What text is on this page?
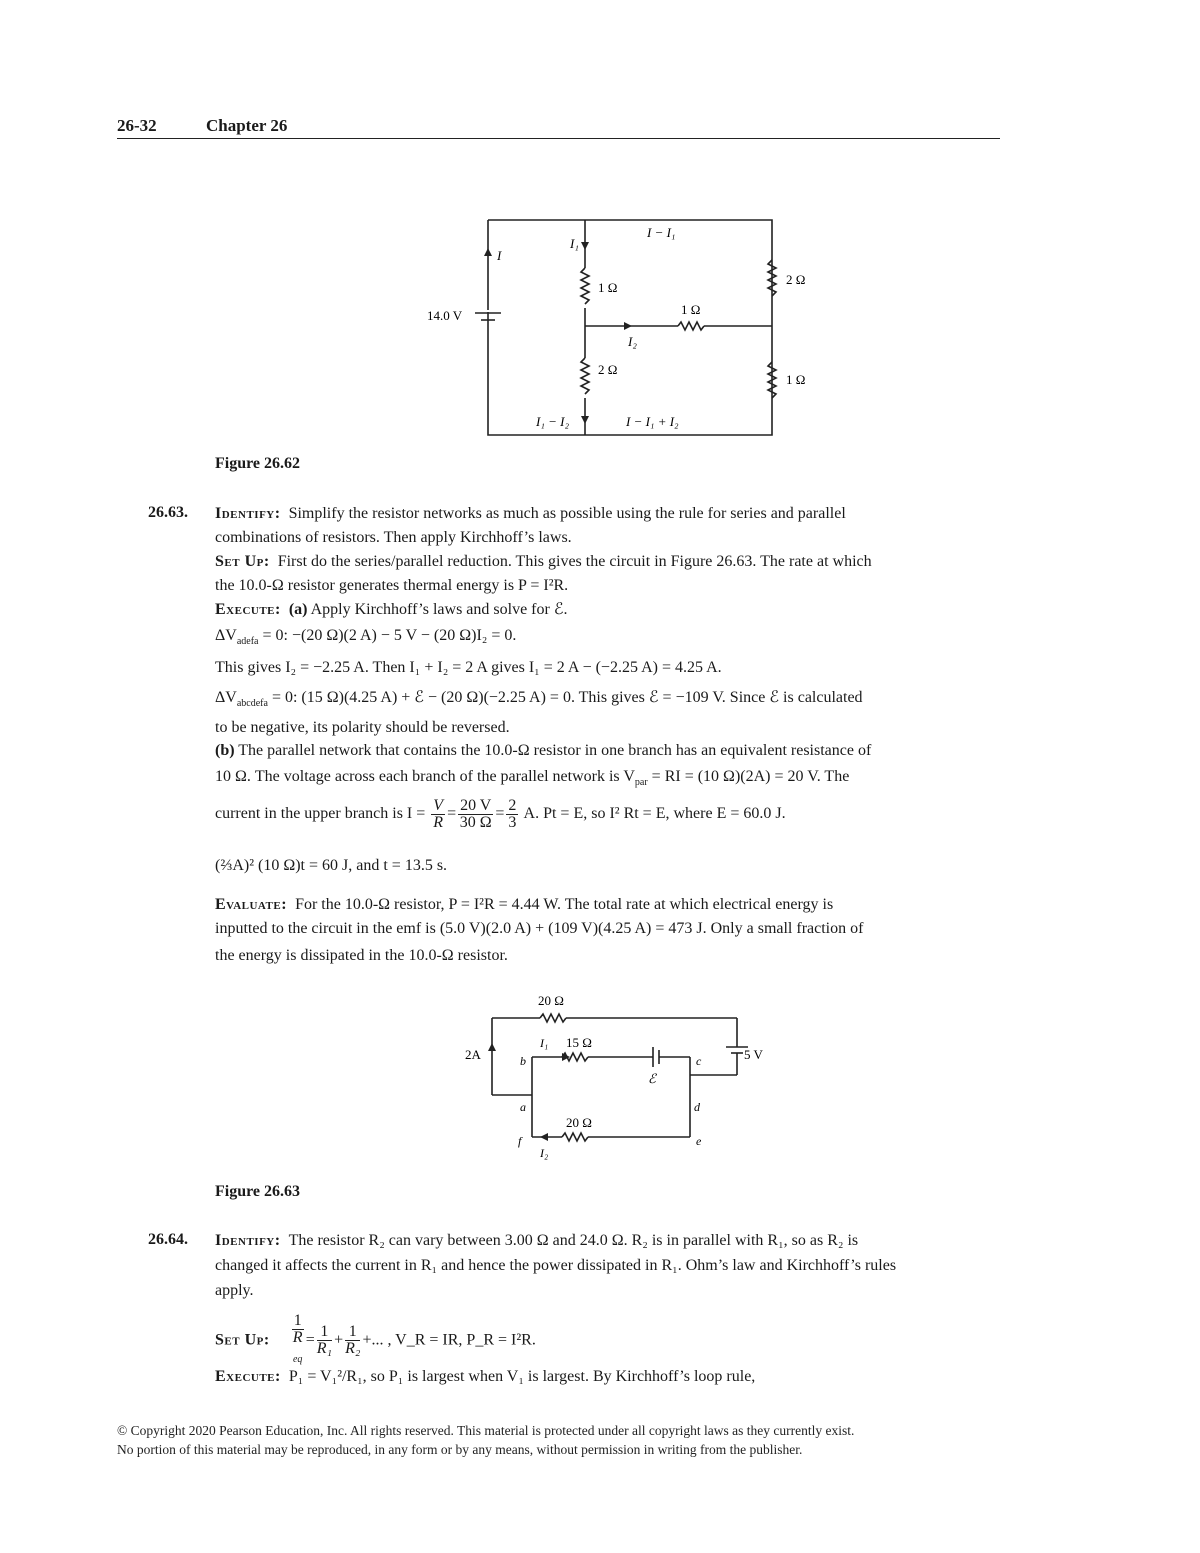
26-32	Chapter 26
14.0 V
I
I₁
I − I₁
1 Ω
1 Ω
2 Ω
I₂
2 Ω
1 Ω
I₁ − I₂	I − I₁ + I₂
Figure 26.62
26.63. Identify: Simplify the resistor networks as much as possible using the rule for series and parallel
combinations of resistors. Then apply Kirchhoff’s laws.
Set Up: First do the series/parallel reduction. This gives the circuit in Figure 26.63. The rate at which
the 10.0-Ω resistor generates thermal energy is P = I²R.
Execute: (a) Apply Kirchhoff’s laws and solve for ℰ.
$\Delta V_{adefa} = 0$: −(20 Ω)(2 A) − 5 V − (20 Ω)I₂ = 0.
This gives I₂ = −2.25 A. Then I₁ + I₂ = 2 A gives I₁ = 2 A − (−2.25 A) = 4.25 A.
$\Delta V_{abcdefa} = 0$: (15 Ω)(4.25 A) + ℰ − (20 Ω)(−2.25 A) = 0. This gives ℰ = −109 V. Since ℰ is calculated
to be negative, its polarity should be reversed.
(b) The parallel network that contains the 10.0-Ω resistor in one branch has an equivalent resistance of
10 Ω. The voltage across each branch of the parallel network is $V_{par}$ = RI = (10 Ω)(2A) = 20 V. The
current in the upper branch is $I = \frac{V}{R} = \frac{20 V}{30 \Omega} = \frac{2}{3} A$. Pt = E, so I² Rt = E, where E = 60.0 J.
(⅔A)² (10 Ω)t = 60 J, and t = 13.5 s.
Evaluate: For the 10.0-Ω resistor, P = I²R = 4.44 W. The total rate at which electrical energy is
inputted to the circuit in the emf is (5.0 V)(2.0 A) + (109 V)(4.25 A) = 473 J. Only a small fraction of
the energy is dissipated in the 10.0-Ω resistor.
20 Ω
I₁ 15 Ω
2A	b
ℰ
c	5 V
a	d
20 Ω
f	e
I₂
Figure 26.63
26.64. Identify: The resistor R₂ can vary between 3.00 Ω and 24.0 Ω. R₂ is in parallel with R₁, so as R₂ is
changed it affects the current in R₁ and hence the power dissipated in R₁. Ohm’s law and Kirchhoff’s rules
apply.
Set Up: 1
R
$_{eq} = \frac{1}{\text{R₁}} + \frac{1}{\text{R₂}}$ +... , V_R = IR, P_R = I²R.
Execute: P₁ = V₁²/R₁, so P₁ is largest when V₁ is largest. By Kirchhoff’s loop rule,
© Copyright 2020 Pearson Education, Inc. All rights reserved. This material is protected under all copyright laws as they currently exist.
No portion of this material may be reproduced, in any form or by any means, without permission in writing from the publisher.
